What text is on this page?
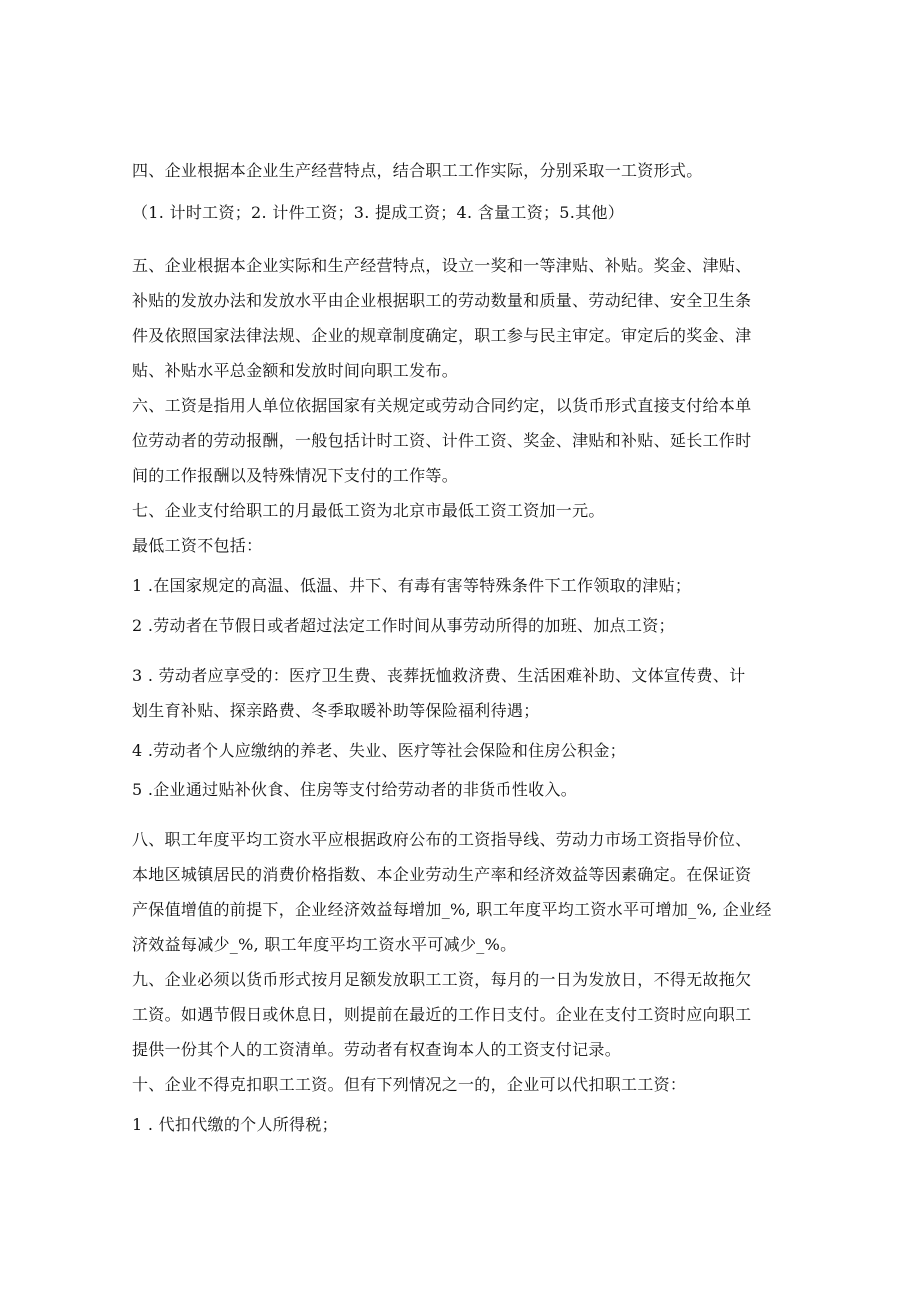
四、企业根据本企业生产经营特点，结合职工工作实际，分别采取一工资形式。
（1. 计时工资；2. 计件工资；3. 提成工资；4. 含量工资；5.其他）
五、企业根据本企业实际和生产经营特点，设立一奖和一等津贴、补贴。奖金、津贴、
补贴的发放办法和发放水平由企业根据职工的劳动数量和质量、劳动纪律、安全卫生条
件及依照国家法律法规、企业的规章制度确定，职工参与民主审定。审定后的奖金、津
贴、补贴水平总金额和发放时间向职工发布。
六、工资是指用人单位依据国家有关规定或劳动合同约定，以货币形式直接支付给本单
位劳动者的劳动报酬，一般包括计时工资、计件工资、奖金、津贴和补贴、延长工作时
间的工作报酬以及特殊情况下支付的工作等。
七、企业支付给职工的月最低工资为北京市最低工资工资加一元。
最低工资不包括：
1 .在国家规定的高温、低温、井下、有毒有害等特殊条件下工作领取的津贴；
2 .劳动者在节假日或者超过法定工作时间从事劳动所得的加班、加点工资；
3 . 劳动者应享受的：医疗卫生费、丧葬抚恤救济费、生活困难补助、文体宣传费、计
划生育补贴、探亲路费、冬季取暖补助等保险福利待遇；
4 .劳动者个人应缴纳的养老、失业、医疗等社会保险和住房公积金；
5 .企业通过贴补伙食、住房等支付给劳动者的非货币性收入。
八、职工年度平均工资水平应根据政府公布的工资指导线、劳动力市场工资指导价位、
本地区城镇居民的消费价格指数、本企业劳动生产率和经济效益等因素确定。在保证资
产保值增值的前提下，企业经济效益每增加_%, 职工年度平均工资水平可增加_%, 企业经
济效益每减少_%, 职工年度平均工资水平可减少_%。
九、企业必须以货币形式按月足额发放职工工资，每月的一日为发放日，不得无故拖欠
工资。如遇节假日或休息日，则提前在最近的工作日支付。企业在支付工资时应向职工
提供一份其个人的工资清单。劳动者有权查询本人的工资支付记录。
十、企业不得克扣职工工资。但有下列情况之一的，企业可以代扣职工工资：
1 . 代扣代缴的个人所得税；
